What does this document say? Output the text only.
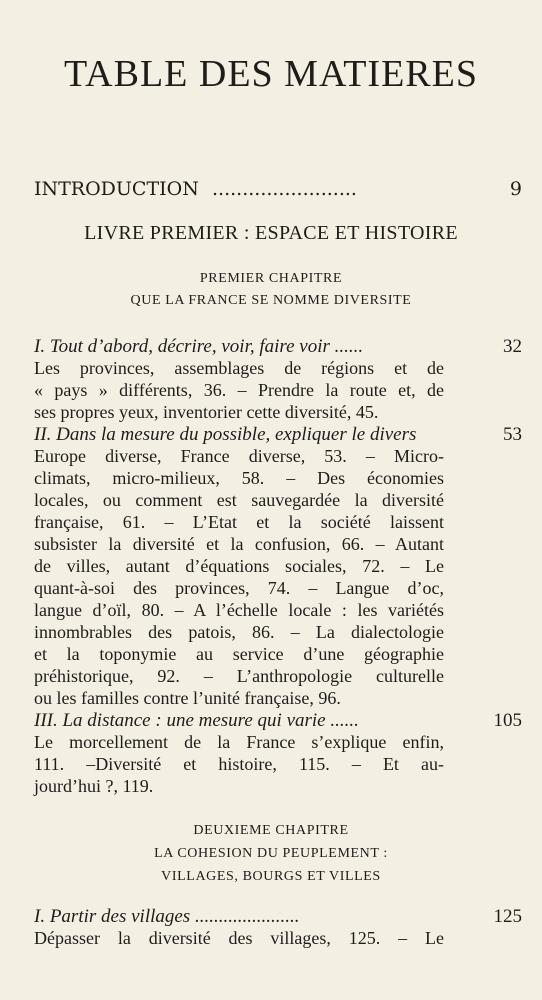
TABLE DES MATIERES
INTRODUCTION ........................	9
LIVRE PREMIER : ESPACE ET HISTOIRE
PREMIER CHAPITRE
QUE LA FRANCE SE NOMME DIVERSITE
I. Tout d’abord, décrire, voir, faire voir ......	32
Les provinces, assemblages de régions et de
« pays » différents, 36. – Prendre la route et, de
ses propres yeux, inventorier cette diversité, 45.
II. Dans la mesure du possible, expliquer le divers	53
Europe diverse, France diverse, 53. – Micro-
climats, micro-milieux, 58. – Des économies
locales, ou comment est sauvegardée la diversité
française, 61. – L’Etat et la société laissent
subsister la diversité et la confusion, 66. – Autant
de villes, autant d’équations sociales, 72. – Le
quant-à-soi des provinces, 74. – Langue d’oc,
langue d’oïl, 80. – A l’échelle locale : les variétés
innombrables des patois, 86. – La dialectologie
et la toponymie au service d’une géographie
préhistorique, 92. – L’anthropologie culturelle
ou les familles contre l’unité française, 96.
III. La distance : une mesure qui varie ......	105
Le morcellement de la France s’explique enfin,
111. –Diversité et histoire, 115. – Et au-
jourd’hui ?, 119.
DEUXIEME CHAPITRE
LA COHESION DU PEUPLEMENT :
VILLAGES, BOURGS ET VILLES
I. Partir des villages ......................	125
Dépasser la diversité des villages, 125. – Le
